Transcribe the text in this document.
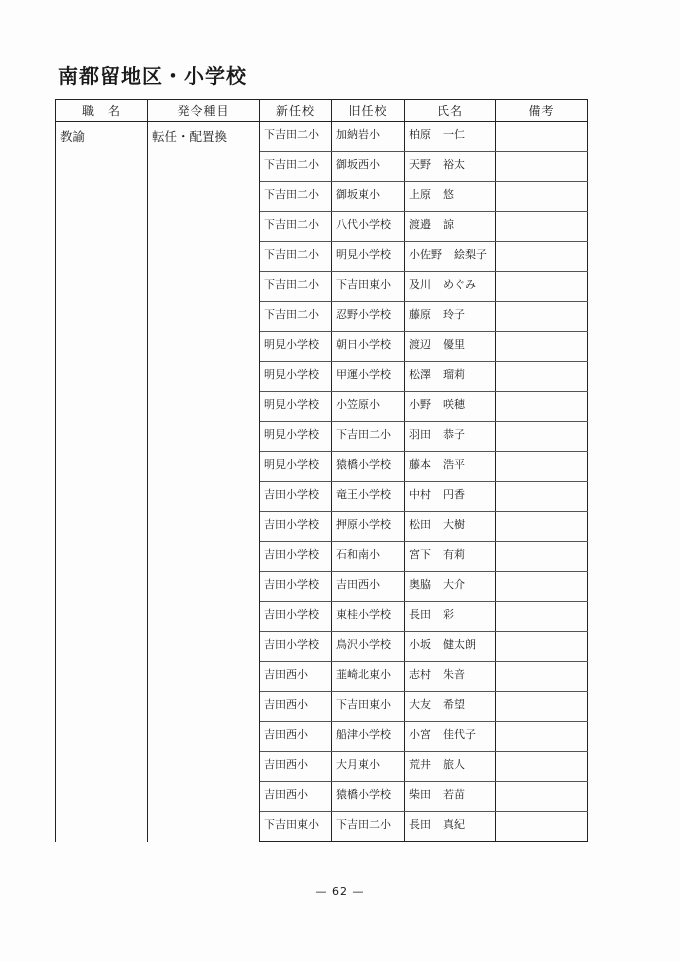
南都留地区・小学校
職　名	発令種目	新任校	旧任校	氏名	備考
教諭	転任・配置換	下吉田二小	加納岩小	柏原 一仁	
		下吉田二小	御坂西小	天野 裕太	
		下吉田二小	御坂東小	上原 悠	
		下吉田二小	八代小学校	渡邉 諒	
		下吉田二小	明見小学校	小佐野 絵梨子	
		下吉田二小	下吉田東小	及川 めぐみ	
		下吉田二小	忍野小学校	藤原 玲子	
		明見小学校	朝日小学校	渡辺 優里	
		明見小学校	甲運小学校	松澤 瑠莉	
		明見小学校	小笠原小	小野 咲穂	
		明見小学校	下吉田二小	羽田 恭子	
		明見小学校	猿橋小学校	藤本 浩平	
		吉田小学校	竜王小学校	中村 円香	
		吉田小学校	押原小学校	松田 大樹	
		吉田小学校	石和南小	宮下 有莉	
		吉田小学校	吉田西小	奥脇 大介	
		吉田小学校	東桂小学校	長田 彩	
		吉田小学校	鳥沢小学校	小坂 健太朗	
		吉田西小	韮崎北東小	志村 朱音	
		吉田西小	下吉田東小	大友 希望	
		吉田西小	船津小学校	小宮 佳代子	
		吉田西小	大月東小	荒井 旅人	
		吉田西小	猿橋小学校	柴田 若苗	
		下吉田東小	下吉田二小	長田 真紀	
— 62 —
